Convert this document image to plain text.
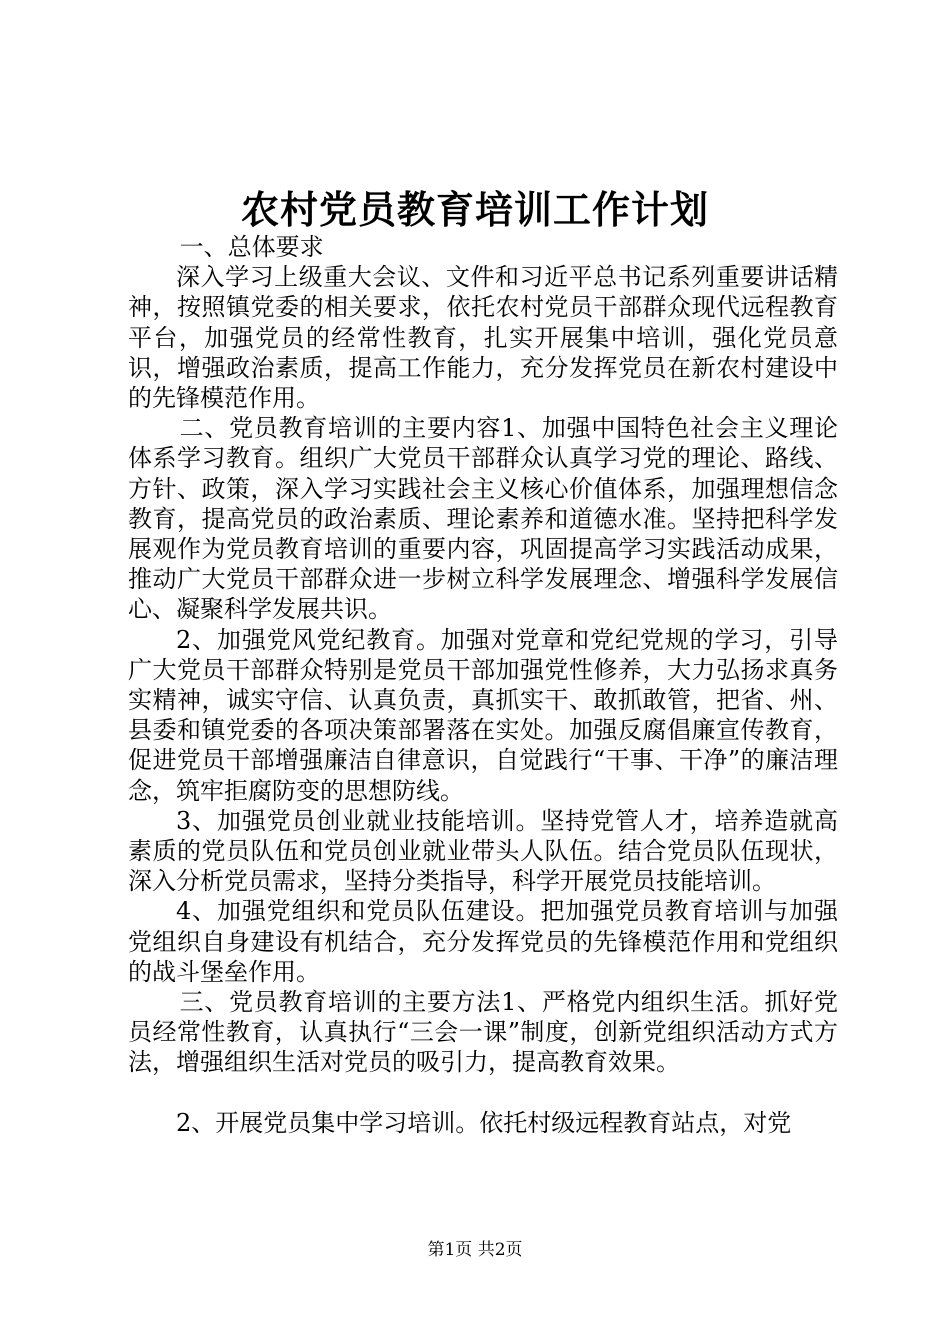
农村党员教育培训工作计划

一、总体要求

深入学习上级重大会议、文件和习近平总书记系列重要讲话精神，按照镇党委的相关要求，依托农村党员干部群众现代远程教育平台，加强党员的经常性教育，扎实开展集中培训，强化党员意识，增强政治素质，提高工作能力，充分发挥党员在新农村建设中的先锋模范作用。

二、党员教育培训的主要内容1、加强中国特色社会主义理论体系学习教育。组织广大党员干部群众认真学习党的理论、路线、方针、政策，深入学习实践社会主义核心价值体系，加强理想信念教育，提高党员的政治素质、理论素养和道德水准。坚持把科学发展观作为党员教育培训的重要内容，巩固提高学习实践活动成果，推动广大党员干部群众进一步树立科学发展理念、增强科学发展信心、凝聚科学发展共识。

2、加强党风党纪教育。加强对党章和党纪党规的学习，引导广大党员干部群众特别是党员干部加强党性修养，大力弘扬求真务实精神，诚实守信、认真负责，真抓实干、敢抓敢管，把省、州、县委和镇党委的各项决策部署落在实处。加强反腐倡廉宣传教育，促进党员干部增强廉洁自律意识，自觉践行“干事、干净”的廉洁理念，筑牢拒腐防变的思想防线。

3、加强党员创业就业技能培训。坚持党管人才，培养造就高素质的党员队伍和党员创业就业带头人队伍。结合党员队伍现状，深入分析党员需求，坚持分类指导，科学开展党员技能培训。

4、加强党组织和党员队伍建设。把加强党员教育培训与加强党组织自身建设有机结合，充分发挥党员的先锋模范作用和党组织的战斗堡垒作用。

三、党员教育培训的主要方法1、严格党内组织生活。抓好党员经常性教育，认真执行“三会一课”制度，创新党组织活动方式方法，增强组织生活对党员的吸引力，提高教育效果。

2、开展党员集中学习培训。依托村级远程教育站点，对党

第1页 共2页
